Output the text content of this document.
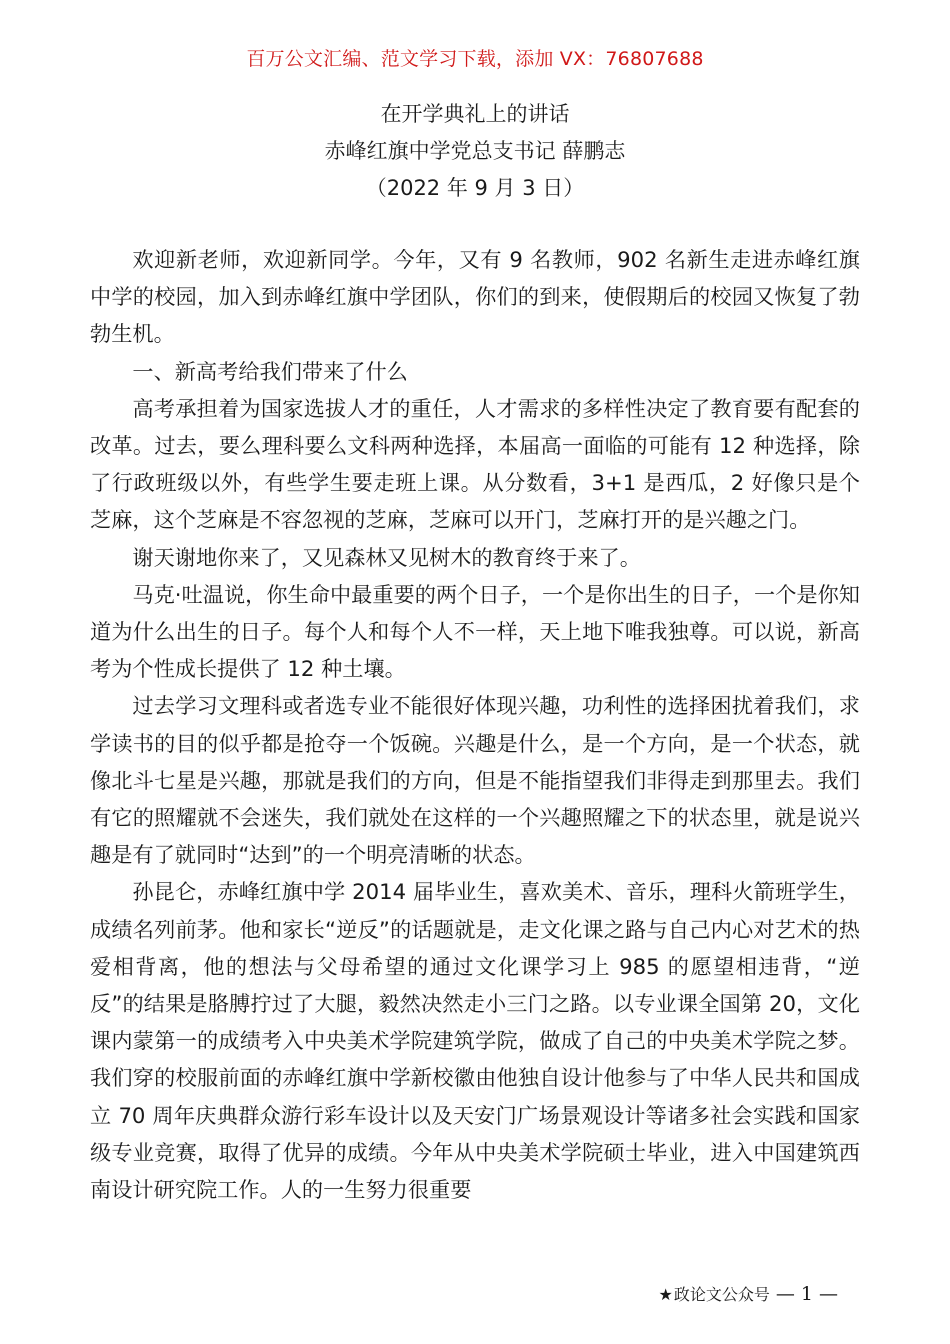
百万公文汇编、范文学习下载，添加 VX：76807688
在开学典礼上的讲话
赤峰红旗中学党总支书记 薛鹏志
（2022 年 9 月 3 日）

欢迎新老师，欢迎新同学。今年，又有 9 名教师，902 名新生走进赤峰红旗中学的校园，加入到赤峰红旗中学团队，你们的到来，使假期后的校园又恢复了勃勃生机。

一、新高考给我们带来了什么

高考承担着为国家选拔人才的重任，人才需求的多样性决定了教育要有配套的改革。过去，要么理科要么文科两种选择，本届高一面临的可能有 12 种选择，除了行政班级以外，有些学生要走班上课。从分数看，3+1 是西瓜，2 好像只是个芝麻，这个芝麻是不容忽视的芝麻，芝麻可以开门，芝麻打开的是兴趣之门。

谢天谢地你来了，又见森林又见树木的教育终于来了。

马克·吐温说，你生命中最重要的两个日子，一个是你出生的日子，一个是你知道为什么出生的日子。每个人和每个人不一样，天上地下唯我独尊。可以说，新高考为个性成长提供了 12 种土壤。

过去学习文理科或者选专业不能很好体现兴趣，功利性的选择困扰着我们，求学读书的目的似乎都是抢夺一个饭碗。兴趣是什么，是一个方向，是一个状态，就像北斗七星是兴趣，那就是我们的方向，但是不能指望我们非得走到那里去。我们有它的照耀就不会迷失，我们就处在这样的一个兴趣照耀之下的状态里，就是说兴趣是有了就同时“达到”的一个明亮清晰的状态。

孙昆仑，赤峰红旗中学 2014 届毕业生，喜欢美术、音乐，理科火箭班学生，成绩名列前茅。他和家长“逆反”的话题就是，走文化课之路与自己内心对艺术的热爱相背离，他的想法与父母希望的通过文化课学习上 985 的愿望相违背，“逆反”的结果是胳膊拧过了大腿，毅然决然走小三门之路。以专业课全国第 20，文化课内蒙第一的成绩考入中央美术学院建筑学院，做成了自己的中央美术学院之梦。我们穿的校服前面的赤峰红旗中学新校徽由他独自设计他参与了中华人民共和国成立 70 周年庆典群众游行彩车设计以及天安门广场景观设计等诸多社会实践和国家级专业竞赛，取得了优异的成绩。今年从中央美术学院硕士毕业，进入中国建筑西南设计研究院工作。人的一生努力很重要

★政论文公众号 — 1 —
